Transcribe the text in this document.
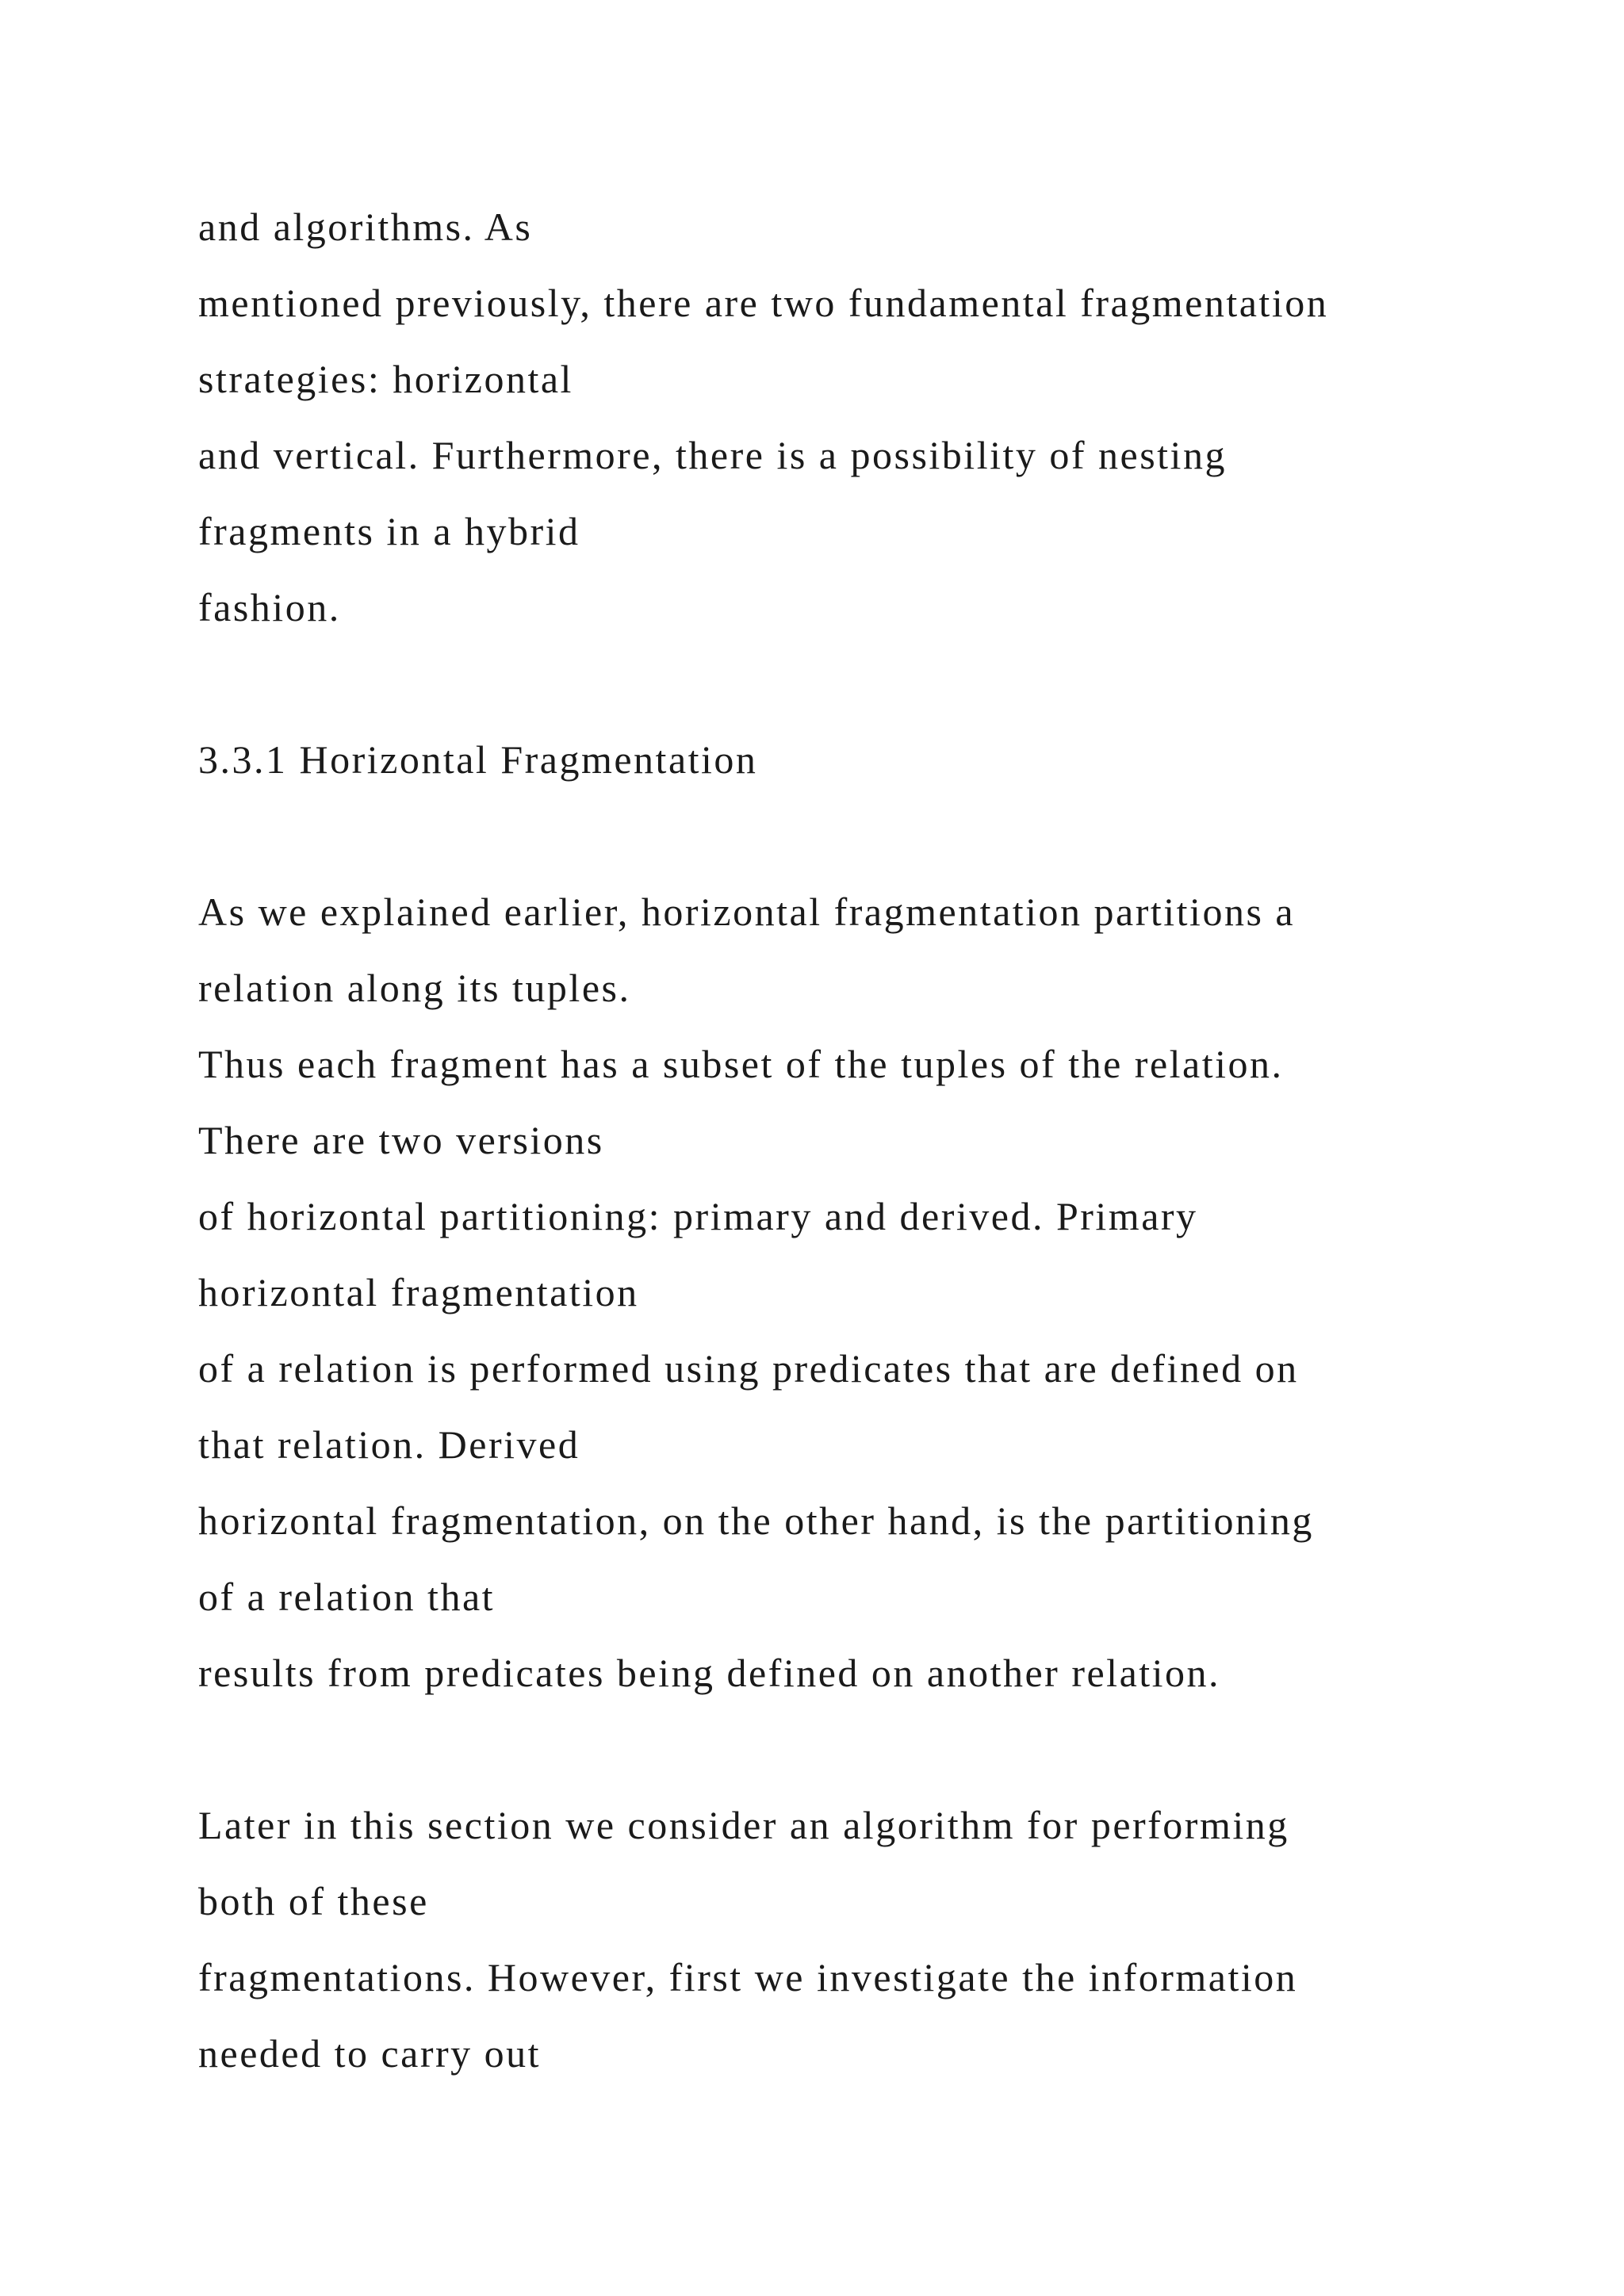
and algorithms. As

mentioned previously, there are two fundamental fragmentation

strategies: horizontal

and vertical. Furthermore, there is a possibility of nesting

fragments in a hybrid

fashion.

3.3.1 Horizontal Fragmentation

As we explained earlier, horizontal fragmentation partitions a

relation along its tuples.

Thus each fragment has a subset of the tuples of the relation.

There are two versions

of horizontal partitioning: primary and derived. Primary

horizontal fragmentation

of a relation is performed using predicates that are defined on

that relation. Derived

horizontal fragmentation, on the other hand, is the partitioning

of a relation that

results from predicates being defined on another relation.

Later in this section we consider an algorithm for performing

both of these

fragmentations. However, first we investigate the information

needed to carry out
